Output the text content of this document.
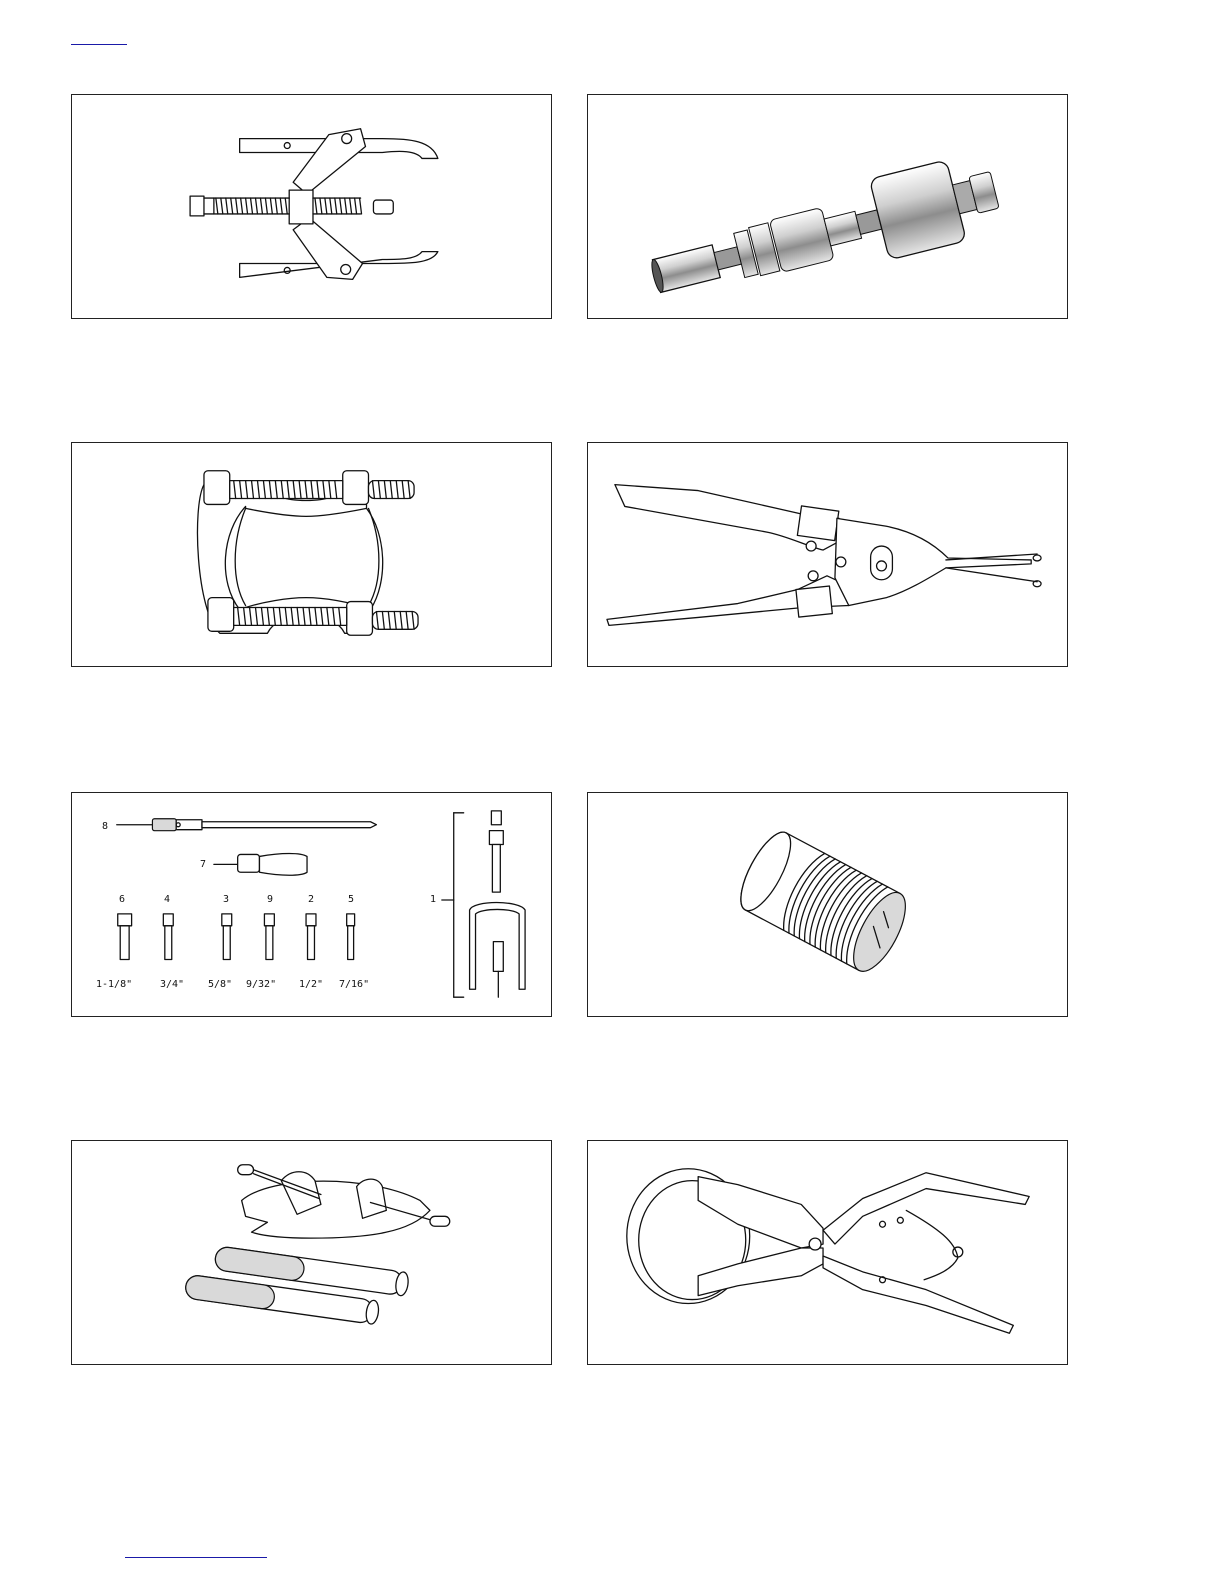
8
7
6	4	3	9	2	5	1
1-1/8"	3/4" 5/8" 9/32" 1/2" 7/16"
